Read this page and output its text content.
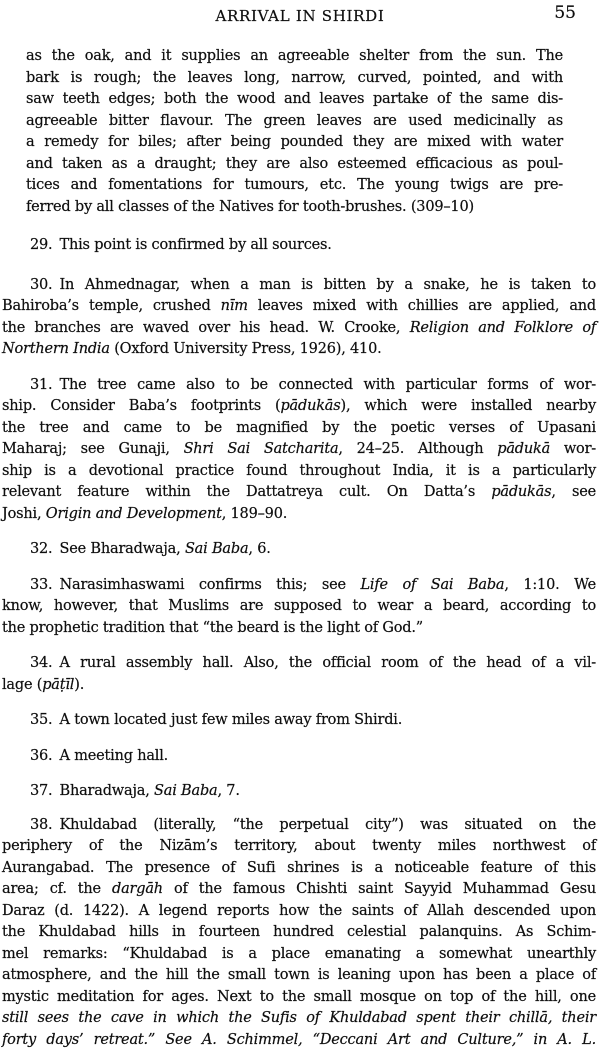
ARRIVAL IN SHIRDI	55
as the oak, and it supplies an agreeable shelter from the sun. The
bark is rough; the leaves long, narrow, curved, pointed, and with
saw teeth edges; both the wood and leaves partake of the same dis-
agreeable bitter flavour. The green leaves are used medicinally as
a remedy for biles; after being pounded they are mixed with water
and taken as a draught; they are also esteemed efficacious as poul-
tices and fomentations for tumours, etc. The young twigs are pre-
ferred by all classes of the Natives for tooth-brushes. (309–10)
29. This point is confirmed by all sources.
30. In Ahmednagar, when a man is bitten by a snake, he is taken to
Bahiroba’s temple, crushed nīm leaves mixed with chillies are applied, and
the branches are waved over his head. W. Crooke, Religion and Folklore of
Northern India (Oxford University Press, 1926), 410.
31. The tree came also to be connected with particular forms of wor-
ship. Consider Baba’s footprints (pādukās), which were installed nearby
the tree and came to be magnified by the poetic verses of Upasani
Maharaj; see Gunaji, Shri Sai Satcharita, 24–25. Although pādukā wor-
ship is a devotional practice found throughout India, it is a particularly
relevant feature within the Dattatreya cult. On Datta’s pādukās, see
Joshi, Origin and Development, 189–90.
32. See Bharadwaja, Sai Baba, 6.
33. Narasimhaswami confirms this; see Life of Sai Baba, 1:10. We
know, however, that Muslims are supposed to wear a beard, according to
the prophetic tradition that “the beard is the light of God.”
34. A rural assembly hall. Also, the official room of the head of a vil-
lage (pāṭīl).
35. A town located just few miles away from Shirdi.
36. A meeting hall.
37. Bharadwaja, Sai Baba, 7.
38. Khuldabad (literally, “the perpetual city”) was situated on the
periphery of the Nizām’s territory, about twenty miles northwest of
Aurangabad. The presence of Sufi shrines is a noticeable feature of this
area; cf. the dargāh of the famous Chishti saint Sayyid Muhammad Gesu
Daraz (d. 1422). A legend reports how the saints of Allah descended upon
the Khuldabad hills in fourteen hundred celestial palanquins. As Schim-
mel remarks: “Khuldabad is a place emanating a somewhat unearthly
atmosphere, and the hill the small town is leaning upon has been a place of
mystic meditation for ages. Next to the small mosque on top of the hill, one
still sees the cave in which the Sufis of Khuldabad spent their chillā, their
forty days’ retreat.” See A. Schimmel, “Deccani Art and Culture,” in A. L.
